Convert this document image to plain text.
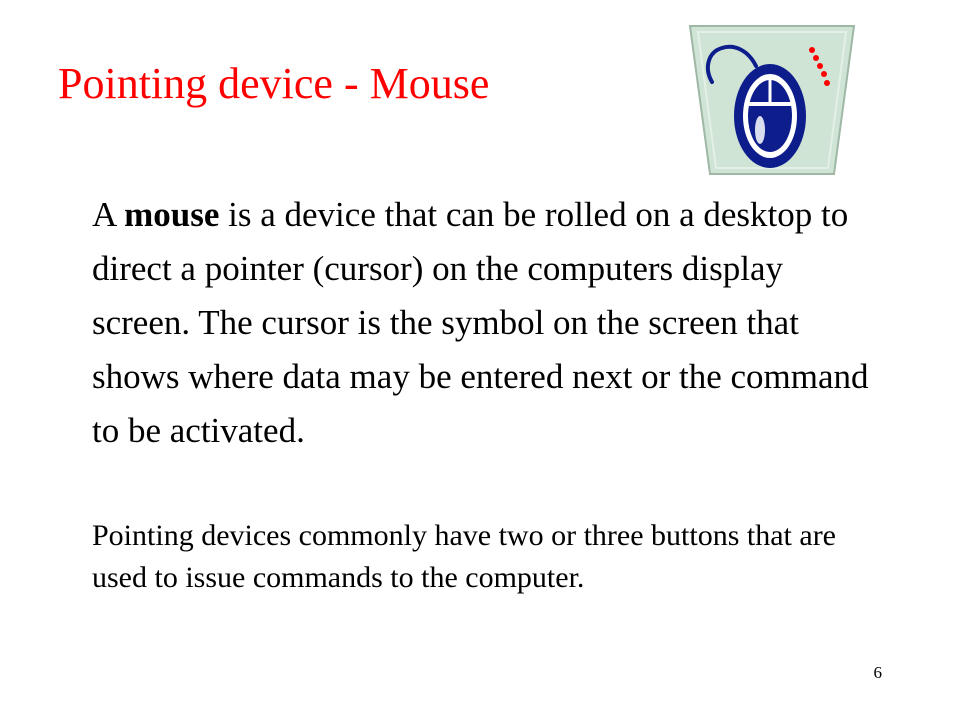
Pointing device - Mouse

A mouse is a device that can be rolled on a desktop to direct a pointer (cursor) on the computers display screen. The cursor is the symbol on the screen that shows where data may be entered next or the command to be activated.

Pointing devices commonly have two or three buttons that are used to issue commands to the computer.

6
